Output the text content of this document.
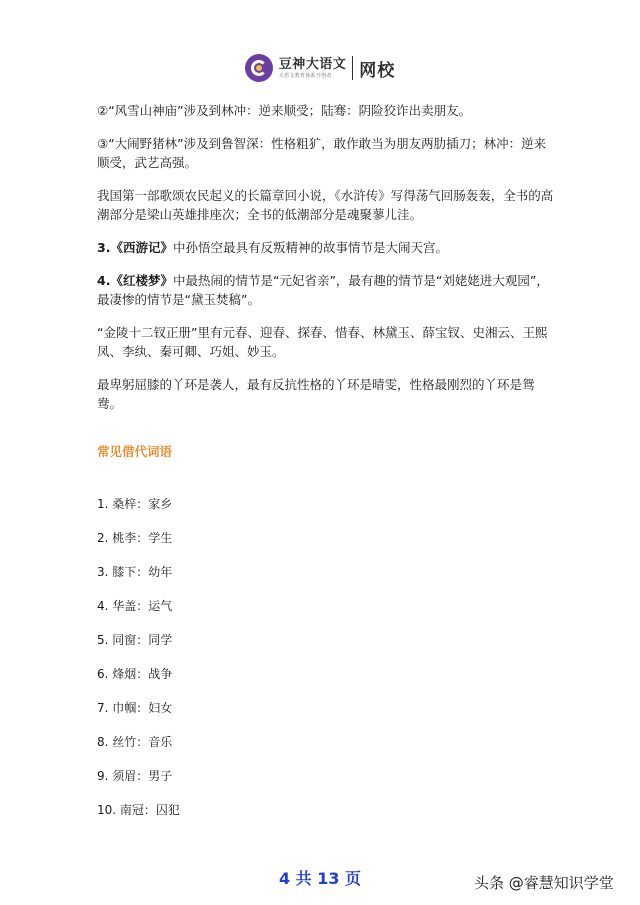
豆神大语文
大语文教育体系开创者	网校

②“风雪山神庙”涉及到林冲：逆来顺受；陆骞：阴险狡诈出卖朋友。

③“大闹野猪林”涉及到鲁智深：性格粗犷，敢作敢当为朋友两肋插刀；林冲：逆来顺受，武艺高强。

我国第一部歌颂农民起义的长篇章回小说，《水浒传》写得荡气回肠轰轰，全书的高潮部分是梁山英雄排座次；全书的低潮部分是魂聚蓼儿洼。

3.《西游记》中孙悟空最具有反叛精神的故事情节是大闹天宫。

4.《红楼梦》中最热闹的情节是“元妃省亲”，最有趣的情节是“刘姥姥进大观园”，最凄惨的情节是“黛玉焚稿”。

“金陵十二钗正册”里有元春、迎春、探春、惜春、林黛玉、薛宝钗、史湘云、王熙凤、李纨、秦可卿、巧姐、妙玉。

最卑躬屈膝的丫环是袭人，最有反抗性格的丫环是晴雯，性格最刚烈的丫环是鸳鸯。

常见借代词语

1. 桑梓：家乡
2. 桃李：学生
3. 膝下：幼年
4. 华盖：运气
5. 同窗：同学
6. 烽烟：战争
7. 巾帼：妇女
8. 丝竹：音乐
9. 须眉：男子
10. 南冠：囚犯
4 共 13 页	头条 @睿慧知识学堂
